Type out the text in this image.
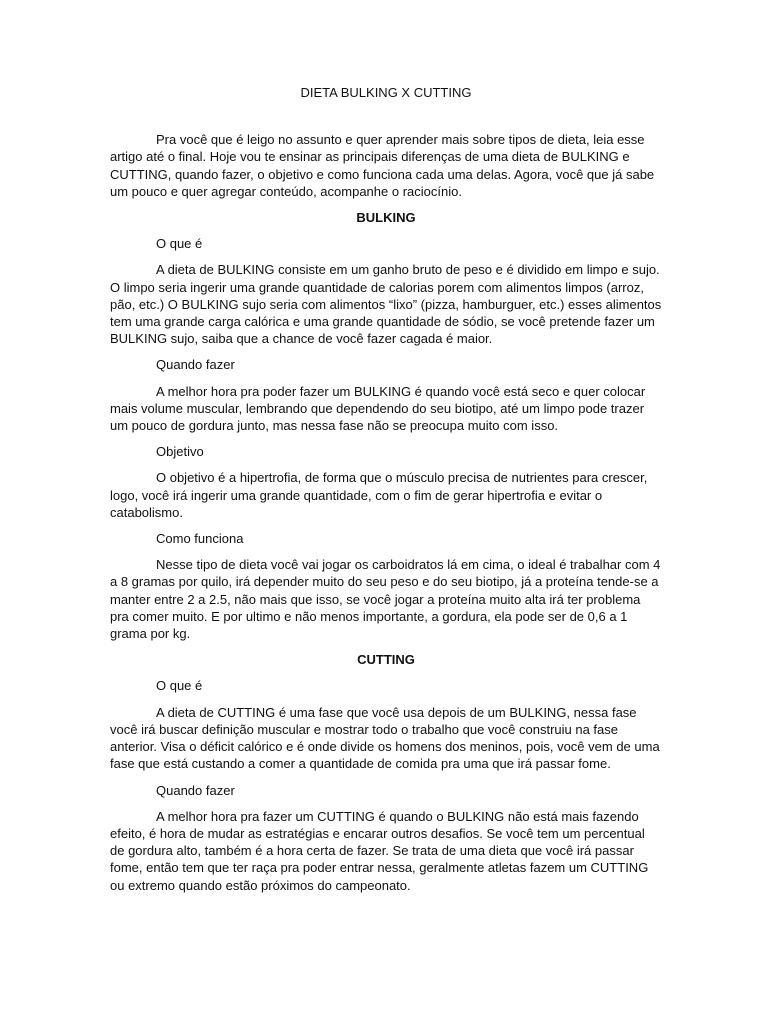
DIETA BULKING X CUTTING

Pra você que é leigo no assunto e quer aprender mais sobre tipos de dieta, leia esse artigo até o final. Hoje vou te ensinar as principais diferenças de uma dieta de BULKING e CUTTING, quando fazer, o objetivo e como funciona cada uma delas. Agora, você que já sabe um pouco e quer agregar conteúdo, acompanhe o raciocínio.

BULKING
O que é

A dieta de BULKING consiste em um ganho bruto de peso e é dividido em limpo e sujo. O limpo seria ingerir uma grande quantidade de calorias porem com alimentos limpos (arroz, pão, etc.) O BULKING sujo seria com alimentos “lixo” (pizza, hamburguer, etc.) esses alimentos tem uma grande carga calórica e uma grande quantidade de sódio, se você pretende fazer um BULKING sujo, saiba que a chance de você fazer cagada é maior.

Quando fazer

A melhor hora pra poder fazer um BULKING é quando você está seco e quer colocar mais volume muscular, lembrando que dependendo do seu biotipo, até um limpo pode trazer um pouco de gordura junto, mas nessa fase não se preocupa muito com isso.

Objetivo

O objetivo é a hipertrofia, de forma que o músculo precisa de nutrientes para crescer, logo, você irá ingerir uma grande quantidade, com o fim de gerar hipertrofia e evitar o catabolismo.

Como funciona

Nesse tipo de dieta você vai jogar os carboidratos lá em cima, o ideal é trabalhar com 4 a 8 gramas por quilo, irá depender muito do seu peso e do seu biotipo, já a proteína tende-se a manter entre 2 a 2.5, não mais que isso, se você jogar a proteína muito alta irá ter problema pra comer muito. E por ultimo e não menos importante, a gordura, ela pode ser de 0,6 a 1 grama por kg.

CUTTING
O que é

A dieta de CUTTING é uma fase que você usa depois de um BULKING, nessa fase você irá buscar definição muscular e mostrar todo o trabalho que você construiu na fase anterior. Visa o déficit calórico e é onde divide os homens dos meninos, pois, você vem de uma fase que está custando a comer a quantidade de comida pra uma que irá passar fome.

Quando fazer

A melhor hora pra fazer um CUTTING é quando o BULKING não está mais fazendo efeito, é hora de mudar as estratégias e encarar outros desafios. Se você tem um percentual de gordura alto, também é a hora certa de fazer. Se trata de uma dieta que você irá passar fome, então tem que ter raça pra poder entrar nessa, geralmente atletas fazem um CUTTING ou extremo quando estão próximos do campeonato.
